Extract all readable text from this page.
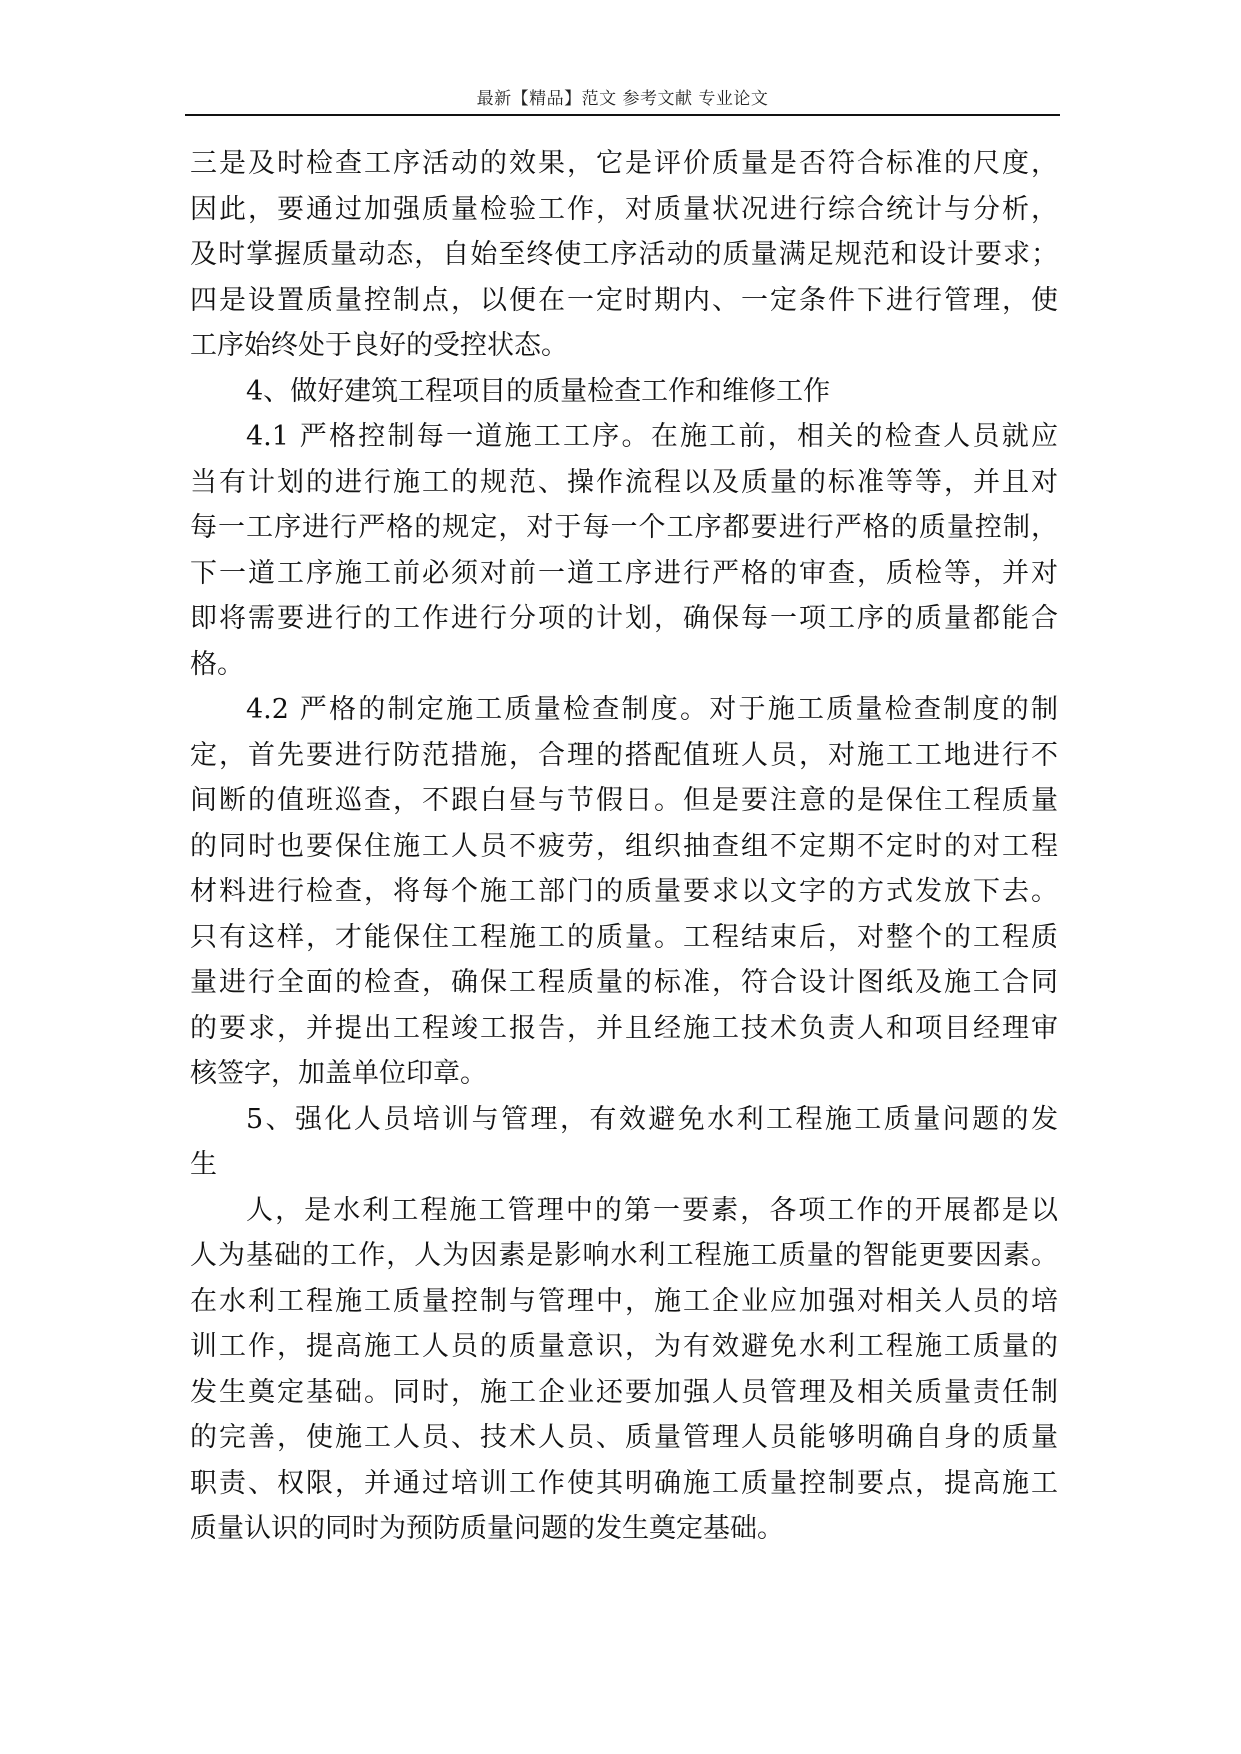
最新【精品】范文 参考文献 专业论文
三是及时检查工序活动的效果，它是评价质量是否符合标准的尺度，
因此，要通过加强质量检验工作，对质量状况进行综合统计与分析，
及时掌握质量动态，自始至终使工序活动的质量满足规范和设计要求；
四是设置质量控制点，以便在一定时期内、一定条件下进行管理，使
工序始终处于良好的受控状态。
4、做好建筑工程项目的质量检查工作和维修工作
4.1 严格控制每一道施工工序。在施工前，相关的检查人员就应
当有计划的进行施工的规范、操作流程以及质量的标准等等，并且对
每一工序进行严格的规定，对于每一个工序都要进行严格的质量控制，
下一道工序施工前必须对前一道工序进行严格的审查，质检等，并对
即将需要进行的工作进行分项的计划，确保每一项工序的质量都能合
格。
4.2 严格的制定施工质量检查制度。对于施工质量检查制度的制
定，首先要进行防范措施，合理的搭配值班人员，对施工工地进行不
间断的值班巡查，不跟白昼与节假日。但是要注意的是保住工程质量
的同时也要保住施工人员不疲劳，组织抽查组不定期不定时的对工程
材料进行检查，将每个施工部门的质量要求以文字的方式发放下去。
只有这样，才能保住工程施工的质量。工程结束后，对整个的工程质
量进行全面的检查，确保工程质量的标准，符合设计图纸及施工合同
的要求，并提出工程竣工报告，并且经施工技术负责人和项目经理审
核签字，加盖单位印章。
5、强化人员培训与管理，有效避免水利工程施工质量问题的发
生
人，是水利工程施工管理中的第一要素，各项工作的开展都是以
人为基础的工作，人为因素是影响水利工程施工质量的智能更要因素。
在水利工程施工质量控制与管理中，施工企业应加强对相关人员的培
训工作，提高施工人员的质量意识，为有效避免水利工程施工质量的
发生奠定基础。同时，施工企业还要加强人员管理及相关质量责任制
的完善，使施工人员、技术人员、质量管理人员能够明确自身的质量
职责、权限，并通过培训工作使其明确施工质量控制要点，提高施工
质量认识的同时为预防质量问题的发生奠定基础。
